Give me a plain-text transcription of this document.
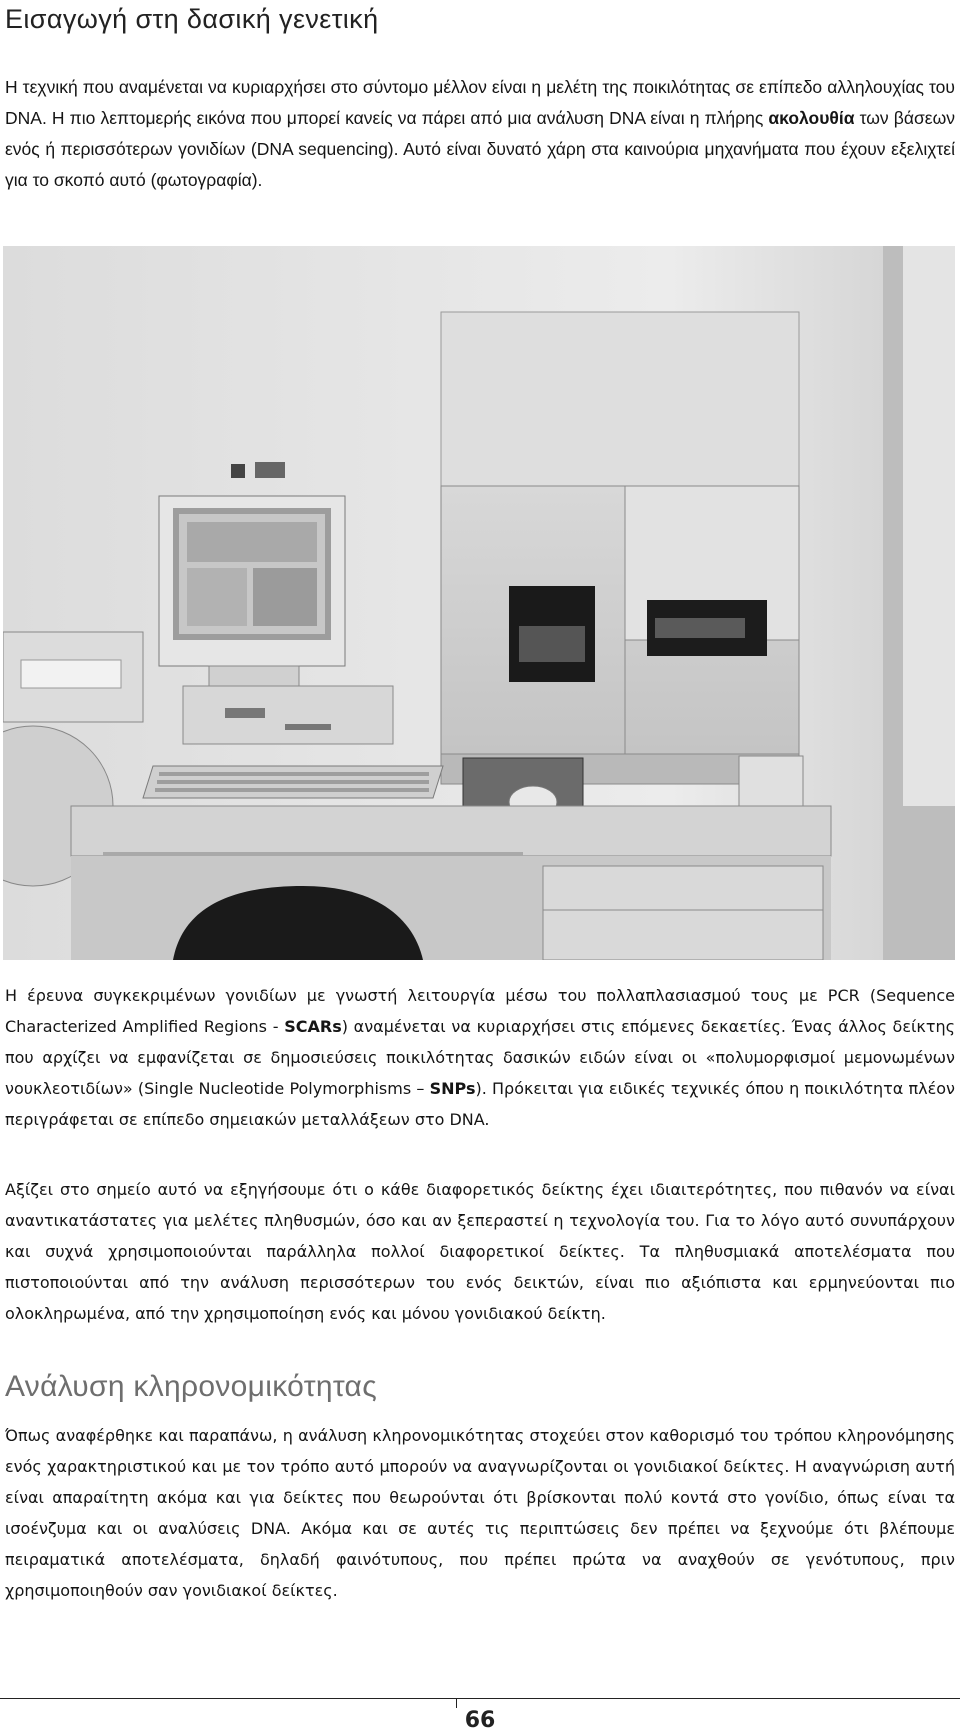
Εισαγωγή στη δασική γενετική

Η τεχνική που αναμένεται να κυριαρχήσει στο σύντομο μέλλον είναι η μελέτη της ποικιλότητας σε επίπεδο αλληλουχίας του DNA. Η πιο λεπτομερής εικόνα που μπορεί κανείς να πάρει από μια ανάλυση DNA είναι η πλήρης ακολουθία των βάσεων ενός ή περισσότερων γονιδίων (DNA sequencing). Αυτό είναι δυνατό χάρη στα καινούρια μηχανήματα που έχουν εξελιχτεί για το σκοπό αυτό (φωτογραφία).

Η έρευνα συγκεκριμένων γονιδίων με γνωστή λειτουργία μέσω του πολλαπλασιασμού τους με PCR (Sequence Characterized Amplified Regions - SCARs) αναμένεται να κυριαρχήσει στις επόμενες δεκαετίες. Ένας άλλος δείκτης που αρχίζει να εμφανίζεται σε δημοσιεύσεις ποικιλότητας δασικών ειδών είναι οι «πολυμορφισμοί μεμονωμένων νουκλεοτιδίων» (Single Nucleotide Polymorphisms – SNPs). Πρόκειται για ειδικές τεχνικές όπου η ποικιλότητα πλέον περιγράφεται σε επίπεδο σημειακών μεταλλάξεων στο DNA.

Αξίζει στο σημείο αυτό να εξηγήσουμε ότι ο κάθε διαφορετικός δείκτης έχει ιδιαιτερότητες, που πιθανόν να είναι αναντικατάστατες για μελέτες πληθυσμών, όσο και αν ξεπεραστεί η τεχνολογία του. Για το λόγο αυτό συνυπάρχουν και συχνά χρησιμοποιούνται παράλληλα πολλοί διαφορετικοί δείκτες. Τα πληθυσμιακά αποτελέσματα που πιστοποιούνται από την ανάλυση περισσότερων του ενός δεικτών, είναι πιο αξιόπιστα και ερμηνεύονται πιο ολοκληρωμένα, από την χρησιμοποίηση ενός και μόνου γονιδιακού δείκτη.

Ανάλυση κληρονομικότητας

Όπως αναφέρθηκε και παραπάνω, η ανάλυση κληρονομικότητας στοχεύει στον καθορισμό του τρόπου κληρονόμησης ενός χαρακτηριστικού και με τον τρόπο αυτό μπορούν να αναγνωρίζονται οι γονιδιακοί δείκτες. Η αναγνώριση αυτή είναι απαραίτητη ακόμα και για δείκτες που θεωρούνται ότι βρίσκονται πολύ κοντά στο γονίδιο, όπως είναι τα ισοένζυμα και οι αναλύσεις DNA. Ακόμα και σε αυτές τις περιπτώσεις δεν πρέπει να ξεχνούμε ότι βλέπουμε πειραματικά αποτελέσματα, δηλαδή φαινότυπους, που πρέπει πρώτα να αναχθούν σε γενότυπους, πριν χρησιμοποιηθούν σαν γονιδιακοί δείκτες.

66
